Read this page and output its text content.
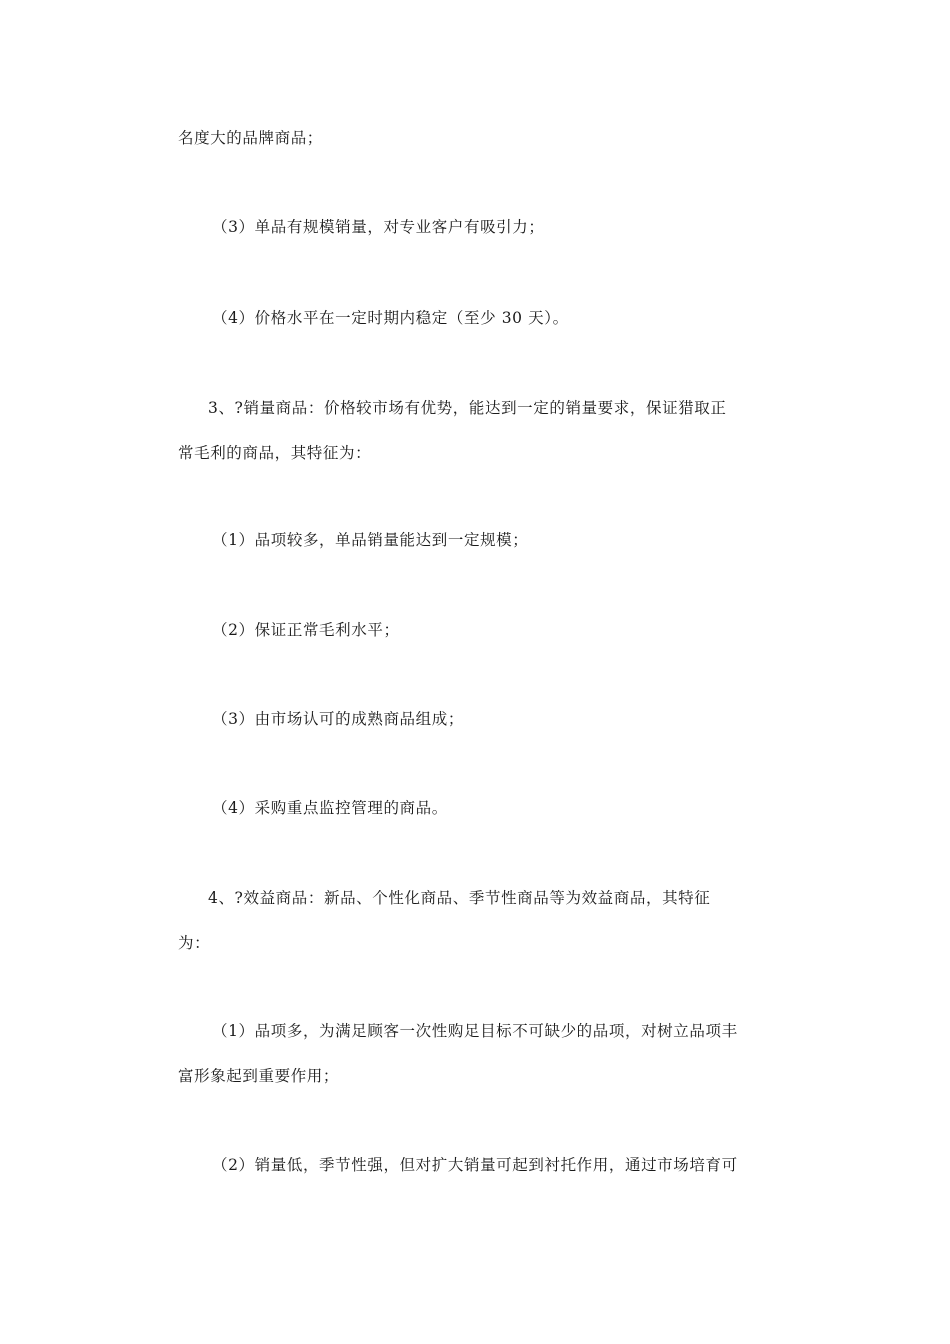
名度大的品牌商品；
（3）单品有规模销量，对专业客户有吸引力；
（4）价格水平在一定时期内稳定（至少 30 天）。
3、?销量商品：价格较市场有优势，能达到一定的销量要求，保证猎取正
常毛利的商品，其特征为：
（1）品项较多，单品销量能达到一定规模；
（2）保证正常毛利水平；
（3）由市场认可的成熟商品组成；
（4）采购重点监控管理的商品。
4、?效益商品：新品、个性化商品、季节性商品等为效益商品，其特征
为：
（1）品项多，为满足顾客一次性购足目标不可缺少的品项，对树立品项丰
富形象起到重要作用；
（2）销量低，季节性强，但对扩大销量可起到衬托作用，通过市场培育可
